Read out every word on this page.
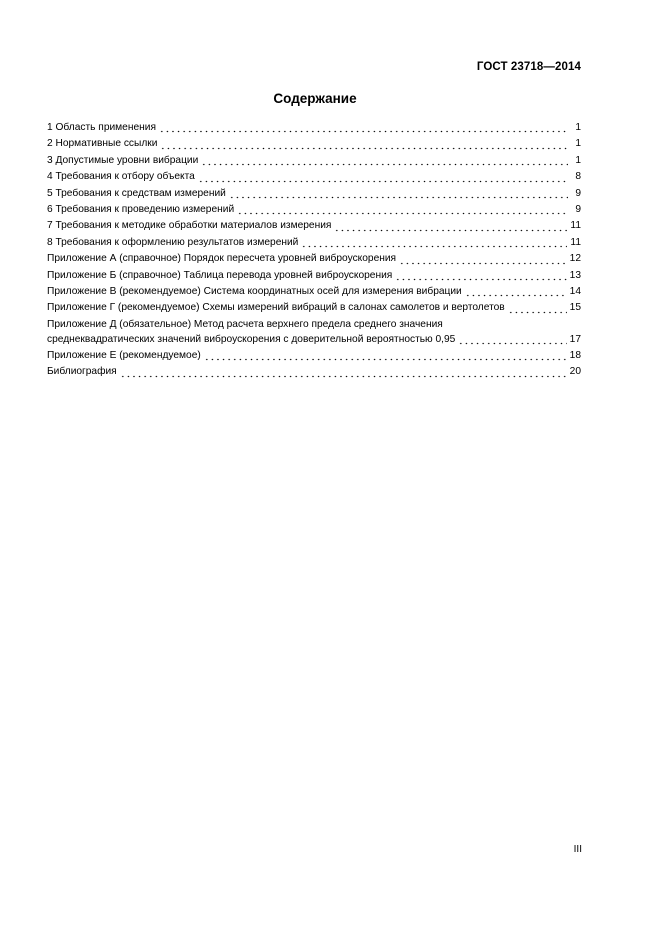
ГОСТ 23718—2014
Содержание
1 Область применения	1
2 Нормативные ссылки	1
3 Допустимые уровни вибрации	1
4 Требования к отбору объекта	8
5 Требования к средствам измерений	9
6 Требования к проведению измерений	9
7 Требования к методике обработки материалов измерения	11
8 Требования к оформлению результатов измерений	11
Приложение А (справочное) Порядок пересчета уровней виброускорения	12
Приложение Б (справочное) Таблица перевода уровней виброускорения	13
Приложение В (рекомендуемое) Система координатных осей для измерения вибрации	14
Приложение Г (рекомендуемое) Схемы измерений вибраций в салонах самолетов и вертолетов	15
Приложение Д (обязательное) Метод расчета верхнего предела среднего значения
среднеквадратических значений виброускорения с доверительной вероятностью 0,95	17
Приложение Е (рекомендуемое)	18
Библиография	20
III
